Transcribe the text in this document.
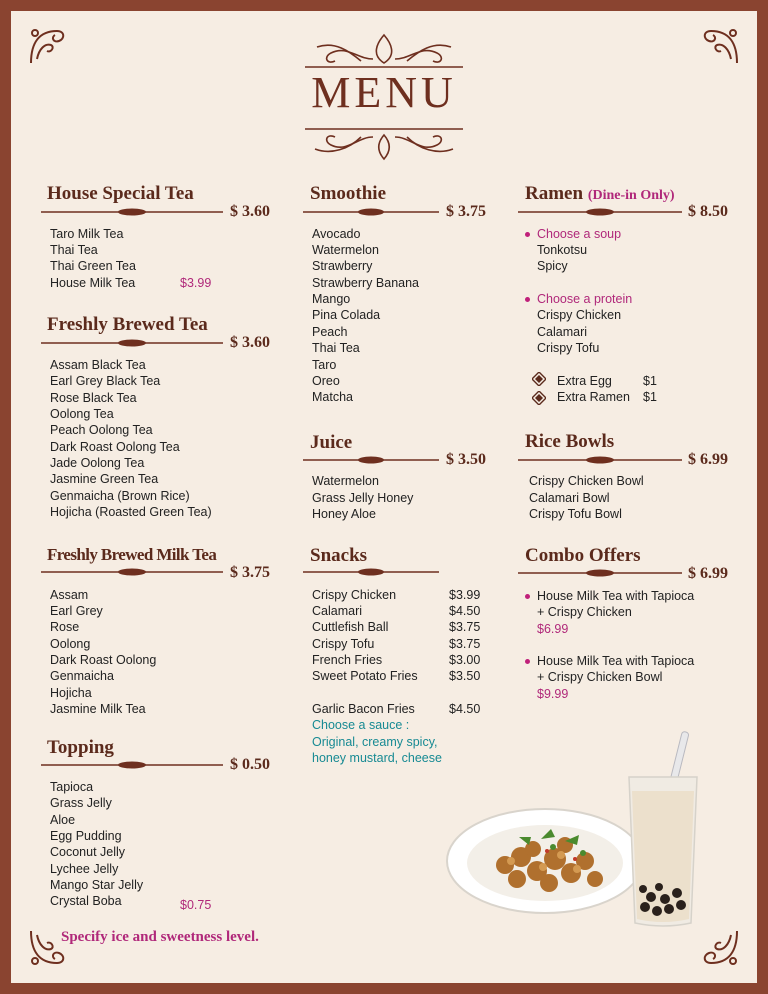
MENU
House Special Tea
$ 3.60
Taro Milk Tea
Thai Tea
Thai Green Tea
House Milk Tea	$3.99
Freshly Brewed Tea
$ 3.60
Assam Black Tea
Earl Grey Black Tea
Rose Black Tea
Oolong Tea
Peach Oolong Tea
Dark Roast Oolong Tea
Jade Oolong Tea
Jasmine Green Tea
Genmaicha (Brown Rice)
Hojicha (Roasted Green Tea)
Freshly Brewed Milk Tea
$ 3.75
Assam
Earl Grey
Rose
Oolong
Dark Roast Oolong
Genmaicha
Hojicha
Jasmine Milk Tea
Topping
$ 0.50
Tapioca
Grass Jelly
Aloe
Egg Pudding
Coconut Jelly
Lychee Jelly
Mango Star Jelly
Crystal Boba	$0.75
Smoothie
$ 3.75
Avocado
Watermelon
Strawberry
Strawberry Banana
Mango
Pina Colada
Peach
Thai Tea
Taro
Oreo
Matcha
Juice
$ 3.50
Watermelon
Grass Jelly Honey
Honey Aloe
Snacks
Crispy Chicken	$3.99
Calamari	$4.50
Cuttlefish Ball	$3.75
Crispy Tofu	$3.75
French Fries	$3.00
Sweet Potato Fries	$3.50
Garlic Bacon Fries	$4.50
Choose a sauce :
Original, creamy spicy,
honey mustard, cheese
Ramen (Dine-in Only)
$ 8.50
Choose a soup
Tonkotsu
Spicy
Choose a protein
Crispy Chicken
Calamari
Crispy Tofu
Extra Egg $1
Extra Ramen $1
Rice Bowls
$ 6.99
Crispy Chicken Bowl
Calamari Bowl
Crispy Tofu Bowl
Combo Offers
$ 6.99
House Milk Tea with Tapioca
+ Crispy Chicken
$6.99
House Milk Tea with Tapioca
+ Crispy Chicken Bowl
$9.99
Specify ice and sweetness level.
